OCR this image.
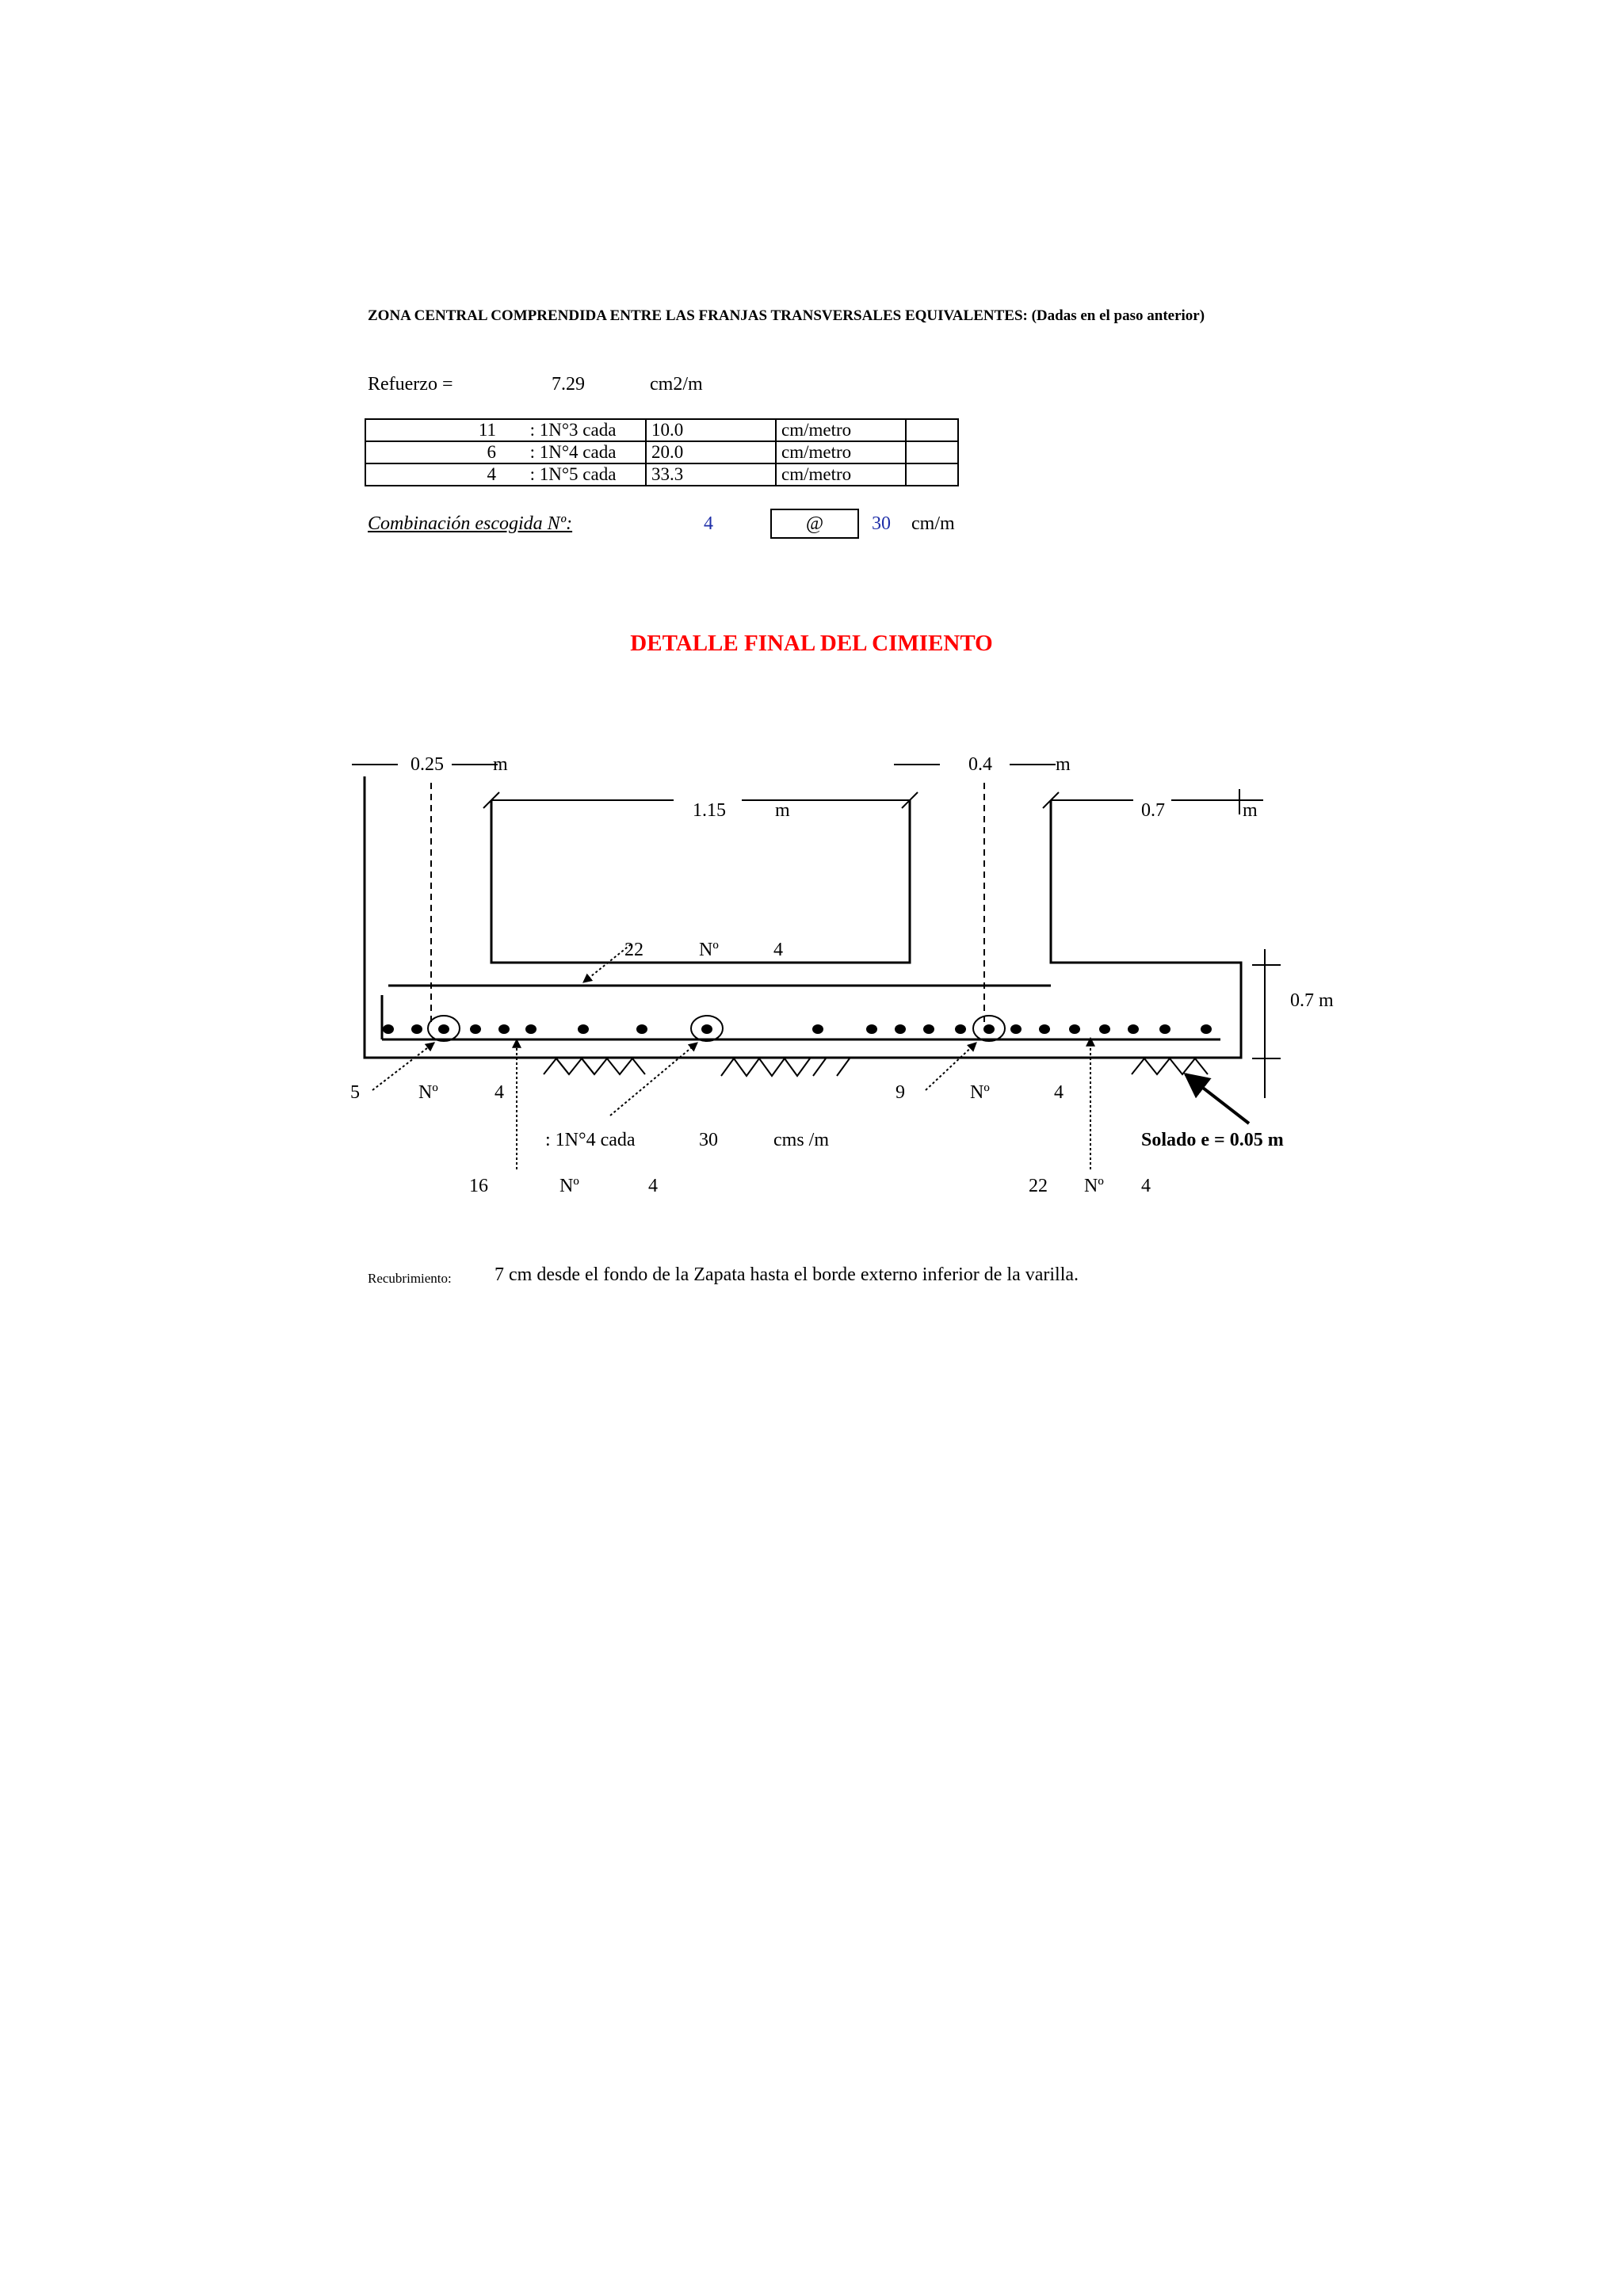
ZONA CENTRAL COMPRENDIDA ENTRE LAS FRANJAS TRANSVERSALES EQUIVALENTES: (Dadas en el paso anterior)
Refuerzo =	7.29	cm2/m
11	: 1N°3 cada	10.0	cm/metro	
6	: 1N°4 cada	20.0	cm/metro	
4	: 1N°5 cada	33.3	cm/metro	
Combinación escogida Nº:	4	@	30 cm/m
DETALLE FINAL DEL CIMIENTO
0.25	m	0.4	m
1.15	m	0.7	m
0.7 m
22	Nº	4
5	Nº	4	9	Nº	4
: 1N°4 cada	30	cms /m	Solado e = 0.05 m
16	Nº	4	22 Nº 4
Recubrimiento: 7 cm desde el fondo de la Zapata hasta el borde externo inferior de la varilla.
